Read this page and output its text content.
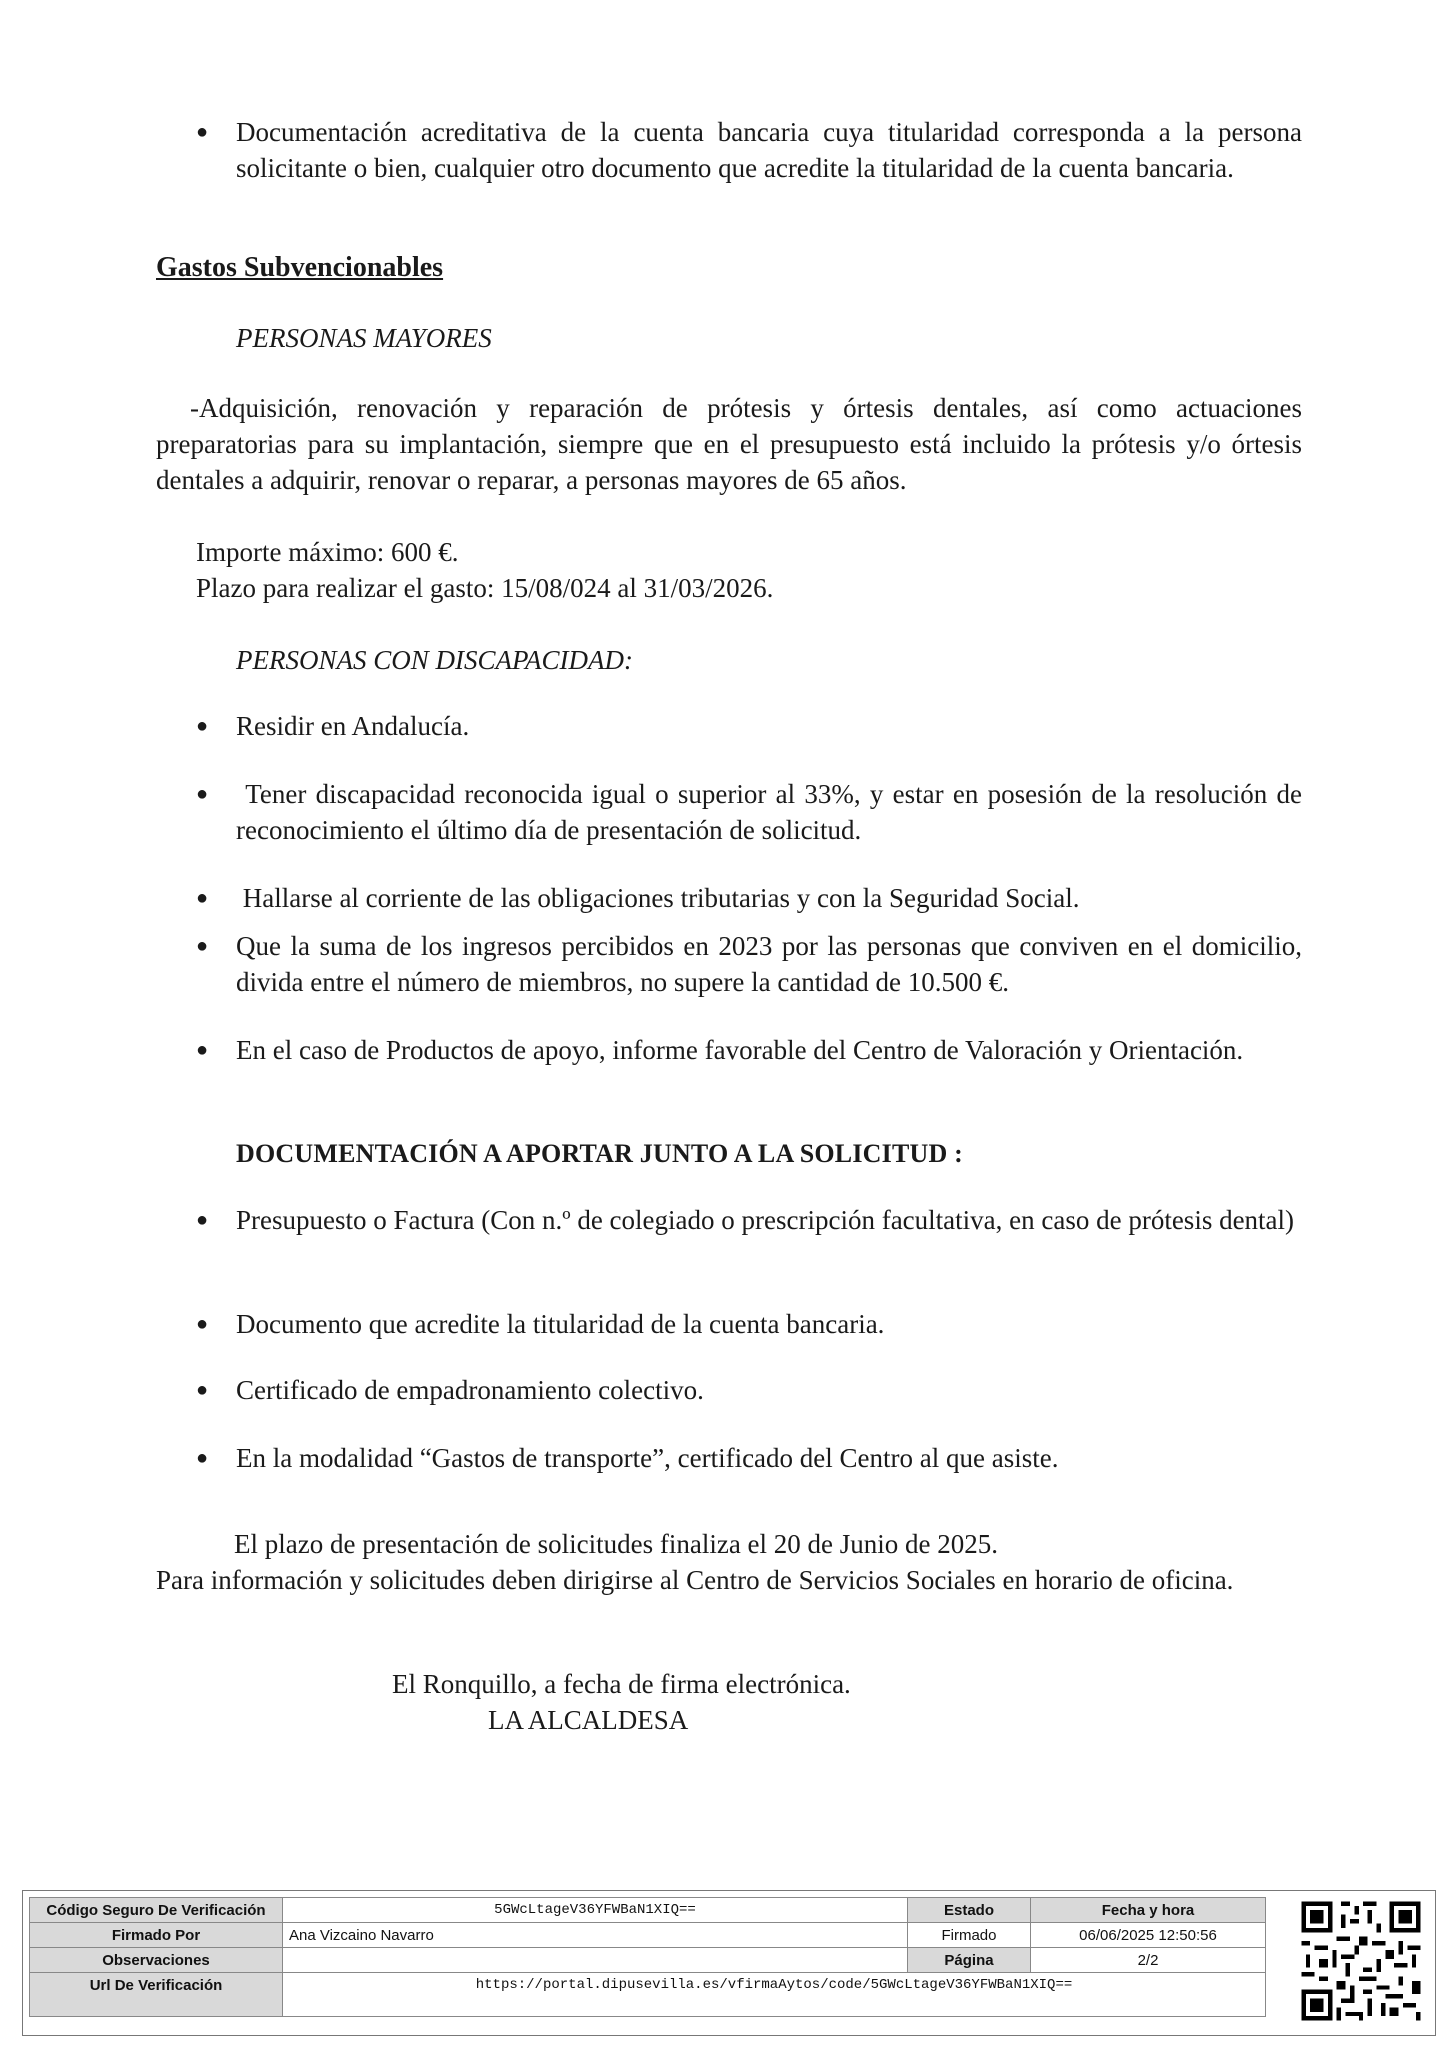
● Documentación acreditativa de la cuenta bancaria cuya titularidad corresponda a la persona solicitante o bien, cualquier otro documento que acredite la titularidad de la cuenta bancaria.
Gastos Subvencionables
PERSONAS MAYORES
-Adquisición, renovación y reparación de prótesis y órtesis dentales, así como actuaciones preparatorias para su implantación, siempre que en el presupuesto está incluido la prótesis y/o órtesis dentales a adquirir, renovar o reparar, a personas mayores de 65 años.
Importe máximo: 600 €.
Plazo para realizar el gasto: 15/08/024 al 31/03/2026.
PERSONAS CON DISCAPACIDAD:
● Residir en Andalucía.
● Tener discapacidad reconocida igual o superior al 33%, y estar en posesión de la resolución de reconocimiento el último día de presentación de solicitud.
● Hallarse al corriente de las obligaciones tributarias y con la Seguridad Social.
● Que la suma de los ingresos percibidos en 2023 por las personas que conviven en el domicilio, divida entre el número de miembros, no supere la cantidad de 10.500 €.
● En el caso de Productos de apoyo, informe favorable del Centro de Valoración y Orientación.
DOCUMENTACIÓN A APORTAR JUNTO A LA SOLICITUD :
● Presupuesto o Factura (Con n.º de colegiado o prescripción facultativa, en caso de prótesis dental)
● Documento que acredite la titularidad de la cuenta bancaria.
● Certificado de empadronamiento colectivo.
● En la modalidad “Gastos de transporte”, certificado del Centro al que asiste.
El plazo de presentación de solicitudes finaliza el 20 de Junio de 2025.
Para información y solicitudes deben dirigirse al Centro de Servicios Sociales en horario de oficina.
El Ronquillo, a fecha de firma electrónica.
LA ALCALDESA
Código Seguro De Verificación	5GWcLtageV36YFWBaN1XIQ==	Estado	Fecha y hora
Firmado Por	Ana Vizcaino Navarro	Firmado	06/06/2025 12:50:56
Observaciones		Página	2/2
Url De Verificación	https://portal.dipusevilla.es/vfirmaAytos/code/5GWcLtageV36YFWBaN1XIQ==		
